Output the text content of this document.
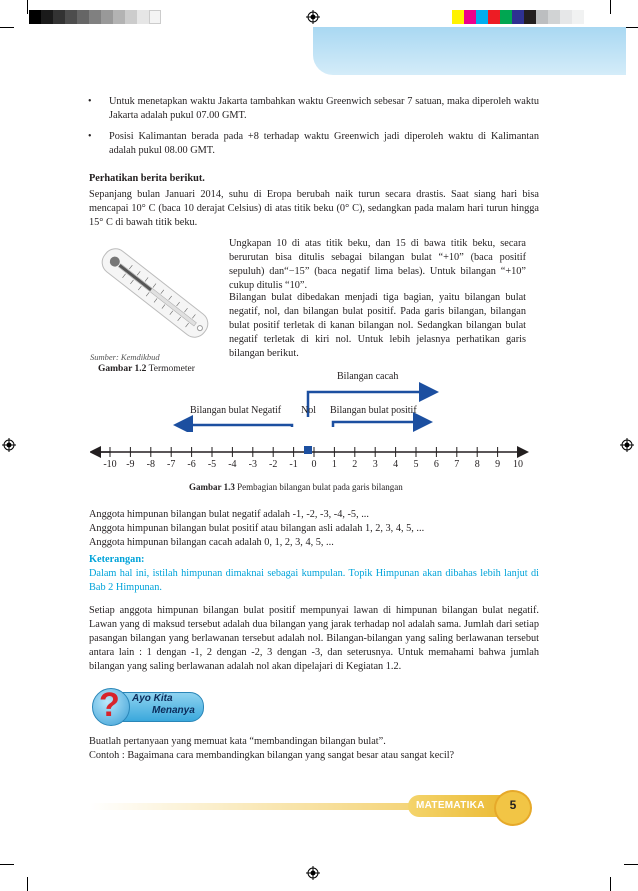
• Untuk menetapkan waktu Jakarta tambahkan waktu Greenwich sebesar 7 satuan, maka diperoleh waktu Jakarta adalah pukul 07.00 GMT.
• Posisi Kalimantan berada pada +8 terhadap waktu Greenwich jadi diperoleh waktu di Kalimantan adalah pukul 08.00 GMT.
Perhatikan berita berikut.
Sepanjang bulan Januari 2014, suhu di Eropa berubah naik turun secara drastis. Saat siang hari bisa mencapai 10° C (baca 10 derajat Celsius) di atas titik beku (0° C), sedangkan pada malam hari turun hingga 15° C di bawah titik beku.
Sumber: Kemdikbud
Gambar 1.2 Termometer
Ungkapan 10 di atas titik beku, dan 15 di bawa titik beku, secara berurutan bisa ditulis sebagai bilangan bulat “+10” (baca positif sepuluh) dan“−15” (baca negatif lima belas). Untuk bilangan “+10” cukup ditulis “10”.
Bilangan bulat dibedakan menjadi tiga bagian, yaitu bilangan bulat negatif, nol, dan bilangan bulat positif. Pada garis bilangan, bilangan bulat positif terletak di kanan bilangan nol. Sedangkan bilangan bulat negatif terletak di kiri nol. Untuk lebih jelasnya perhatikan garis bilangan berikut.
Bilangan cacah
Bilangan bulat Negatif Nol Bilangan bulat positif
-10 -9	-8	-7	-6	-5	-4	-3	-2	-1	0	1	2	3	4	5	6	7	8	9	10
Gambar 1.3 Pembagian bilangan bulat pada garis bilangan
Anggota himpunan bilangan bulat negatif adalah -1, -2, -3, -4, -5, ...
Anggota himpunan bilangan bulat positif atau bilangan asli adalah 1, 2, 3, 4, 5, ...
Anggota himpunan bilangan cacah adalah 0, 1, 2, 3, 4, 5, ...
Keterangan:
Dalam hal ini, istilah himpunan dimaknai sebagai kumpulan. Topik Himpunan akan dibahas lebih lanjut di Bab 2 Himpunan.
Setiap anggota himpunan bilangan bulat positif mempunyai lawan di himpunan bilangan bulat negatif. Lawan yang di maksud tersebut adalah dua bilangan yang jarak terhadap nol adalah sama. Jumlah dari setiap pasangan bilangan yang berlawanan tersebut adalah nol. Bilangan-bilangan yang saling berlawanan tersebut antara lain : 1 dengan -1, 2 dengan -2, 3 dengan -3, dan seterusnya. Untuk memahami bahwa jumlah bilangan yang saling berlawanan adalah nol akan dipelajari di Kegiatan 1.2.
Ayo Kita
Menanya
?
Buatlah pertanyaan yang memuat kata “membandingan bilangan bulat”.
Contoh : Bagaimana cara membandingkan bilangan yang sangat besar atau sangat kecil?
MATEMATIKA	5
